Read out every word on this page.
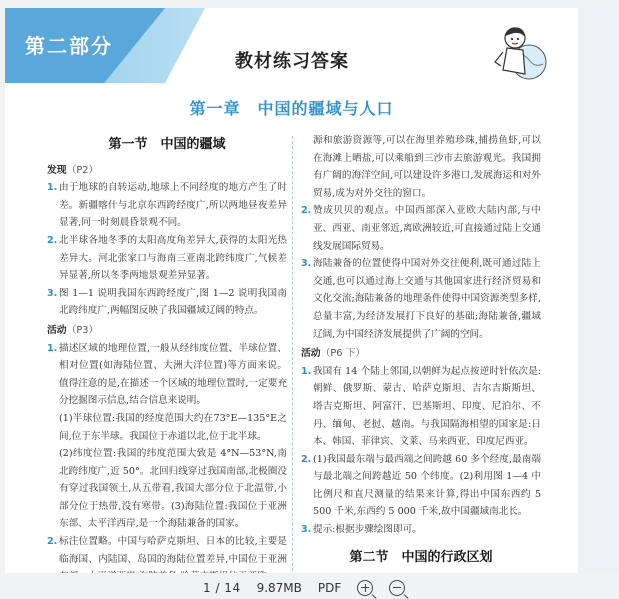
第二部分
教材练习答案
第一章　中国的疆域与人口
第一节　中国的疆域
发现（P2）
1. 由于地球的自转运动,地球上不同经度的地方产生了时差。新疆喀什与北京东西跨经度广,所以两地昼夜差异显著,同一时刻晨昏景观不同。
2. 北半球各地冬季的太阳高度角差异大,获得的太阳光热差异大。河北张家口与海南三亚南北跨纬度广,气候差异显著,所以冬季两地景观差异显著。
3. 图 1—1 说明我国东西跨经度广,图 1—2 说明我国南北跨纬度广,两幅图反映了我国疆域辽阔的特点。
活动（P3）
1. 描述区域的地理位置,一般从经纬度位置、半球位置、相对位置(如海陆位置、大洲大洋位置)等方面来说。值得注意的是,在描述一个区域的地理位置时,一定要充分挖掘图示信息,结合信息来说明。
(1)半球位置:我国的经度范围大约在73°E—135°E之间,位于东半球。我国位于赤道以北,位于北半球。
(2)纬度位置:我国的纬度范围大致是 4°N—53°N,南北跨纬度广,近 50°。北回归线穿过我国南部,北极圈没有穿过我国领土,从五带看,我国大部分位于北温带,小部分位于热带,没有寒带。(3)海陆位置:我国位于亚洲东部、太平洋西岸,是一个海陆兼备的国家。
2. 标注位置略。中国与哈萨克斯坦、日本的比较,主要是临海国、内陆国、岛国的海陆位置差异,中国位于亚洲
源和旅游资源等,可以在海里养殖珍珠,捕捞鱼虾,可以在海滩上晒盐,可以乘船到三沙市去旅游观光。我国拥有广阔的海洋空间,可以建设许多港口,发展海运和对外贸易,成为对外交往的窗口。
2. 赞成贝贝的观点。中国西部深入亚欧大陆内部,与中亚、西亚、南亚邻近,离欧洲较近,可直接通过陆上交通线发展国际贸易。
3. 海陆兼备的位置使得中国对外交往便利,既可通过陆上交通,也可以通过海上交通与其他国家进行经济贸易和文化交流;海陆兼备的地理条件使得中国资源类型多样,总量丰富,为经济发展打下良好的基础;海陆兼备,疆域辽阔,为中国经济发展提供了广阔的空间。
活动（P6 下）
1. 我国有 14 个陆上邻国,以朝鲜为起点按逆时针依次是:朝鲜、俄罗斯、蒙古、哈萨克斯坦、吉尔吉斯斯坦、塔吉克斯坦、阿富汗、巴基斯坦、印度、尼泊尔、不丹、缅甸、老挝、越南。与我国隔海相望的国家是:日本、韩国、菲律宾、文莱、马来西亚、印度尼西亚。
2. (1)我国最东端与最西端之间跨越 60 多个经度,最南端与最北端之间跨越近 50 个纬度。(2)利用图 1—4 中比例尺和直尺测量的结果来计算,得出中国东西约 5 500 千米,东西约 5 000 千米,故中国疆域南北长。
3. 提示:根据步骤绘图即可。
第二节　中国的行政区划
1 / 14	9.87MB	PDF
